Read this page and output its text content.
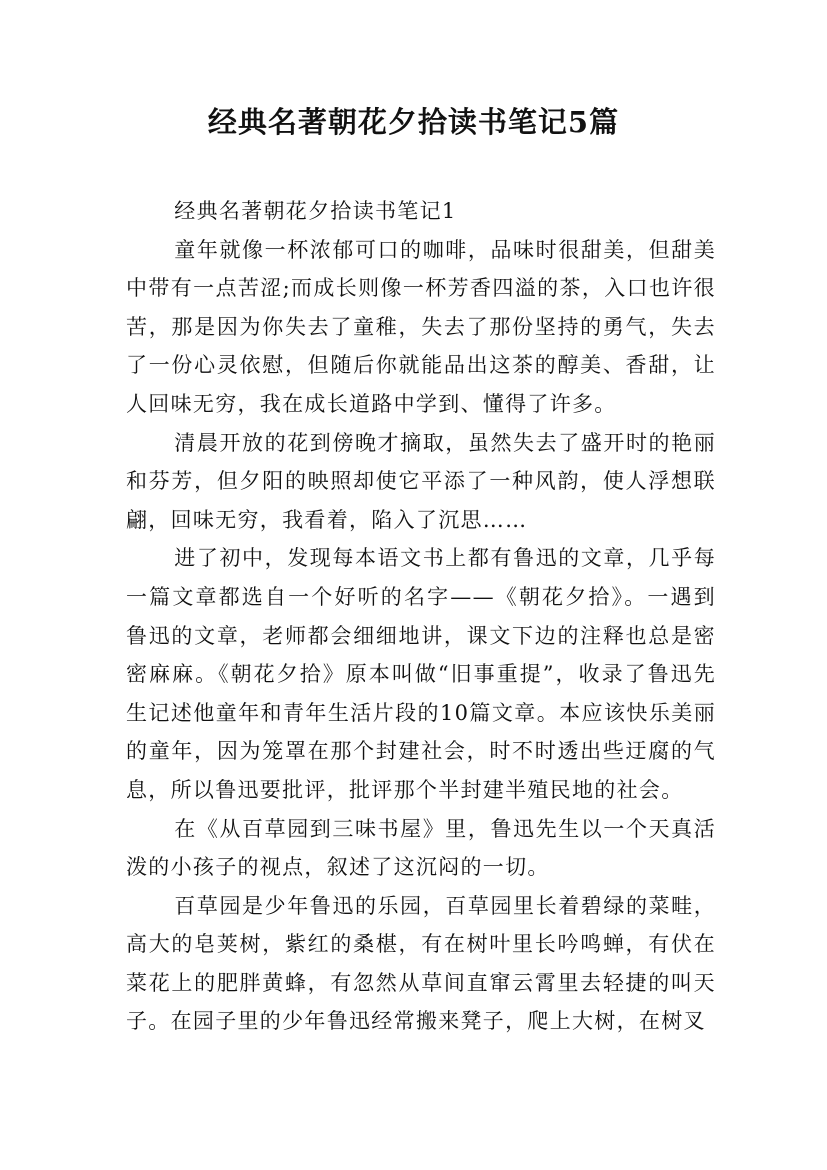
经典名著朝花夕拾读书笔记5篇

经典名著朝花夕拾读书笔记1

童年就像一杯浓郁可口的咖啡，品味时很甜美，但甜美中带有一点苦涩;而成长则像一杯芳香四溢的茶，入口也许很苦，那是因为你失去了童稚，失去了那份坚持的勇气，失去了一份心灵依慰，但随后你就能品出这茶的醇美、香甜，让人回味无穷，我在成长道路中学到、懂得了许多。

清晨开放的花到傍晚才摘取，虽然失去了盛开时的艳丽和芬芳，但夕阳的映照却使它平添了一种风韵，使人浮想联翩，回味无穷，我看着，陷入了沉思……

进了初中，发现每本语文书上都有鲁迅的文章，几乎每一篇文章都选自一个好听的名字——《朝花夕拾》。一遇到鲁迅的文章，老师都会细细地讲，课文下边的注释也总是密密麻麻。《朝花夕拾》原本叫做“旧事重提”，收录了鲁迅先生记述他童年和青年生活片段的10篇文章。本应该快乐美丽的童年，因为笼罩在那个封建社会，时不时透出些迂腐的气息，所以鲁迅要批评，批评那个半封建半殖民地的社会。

在《从百草园到三味书屋》里，鲁迅先生以一个天真活泼的小孩子的视点，叙述了这沉闷的一切。

百草园是少年鲁迅的乐园，百草园里长着碧绿的菜畦，高大的皂荚树，紫红的桑椹，有在树叶里长吟鸣蝉，有伏在菜花上的肥胖黄蜂，有忽然从草间直窜云霄里去轻捷的叫天子。在园子里的少年鲁迅经常搬来凳子，爬上大树，在树叉
